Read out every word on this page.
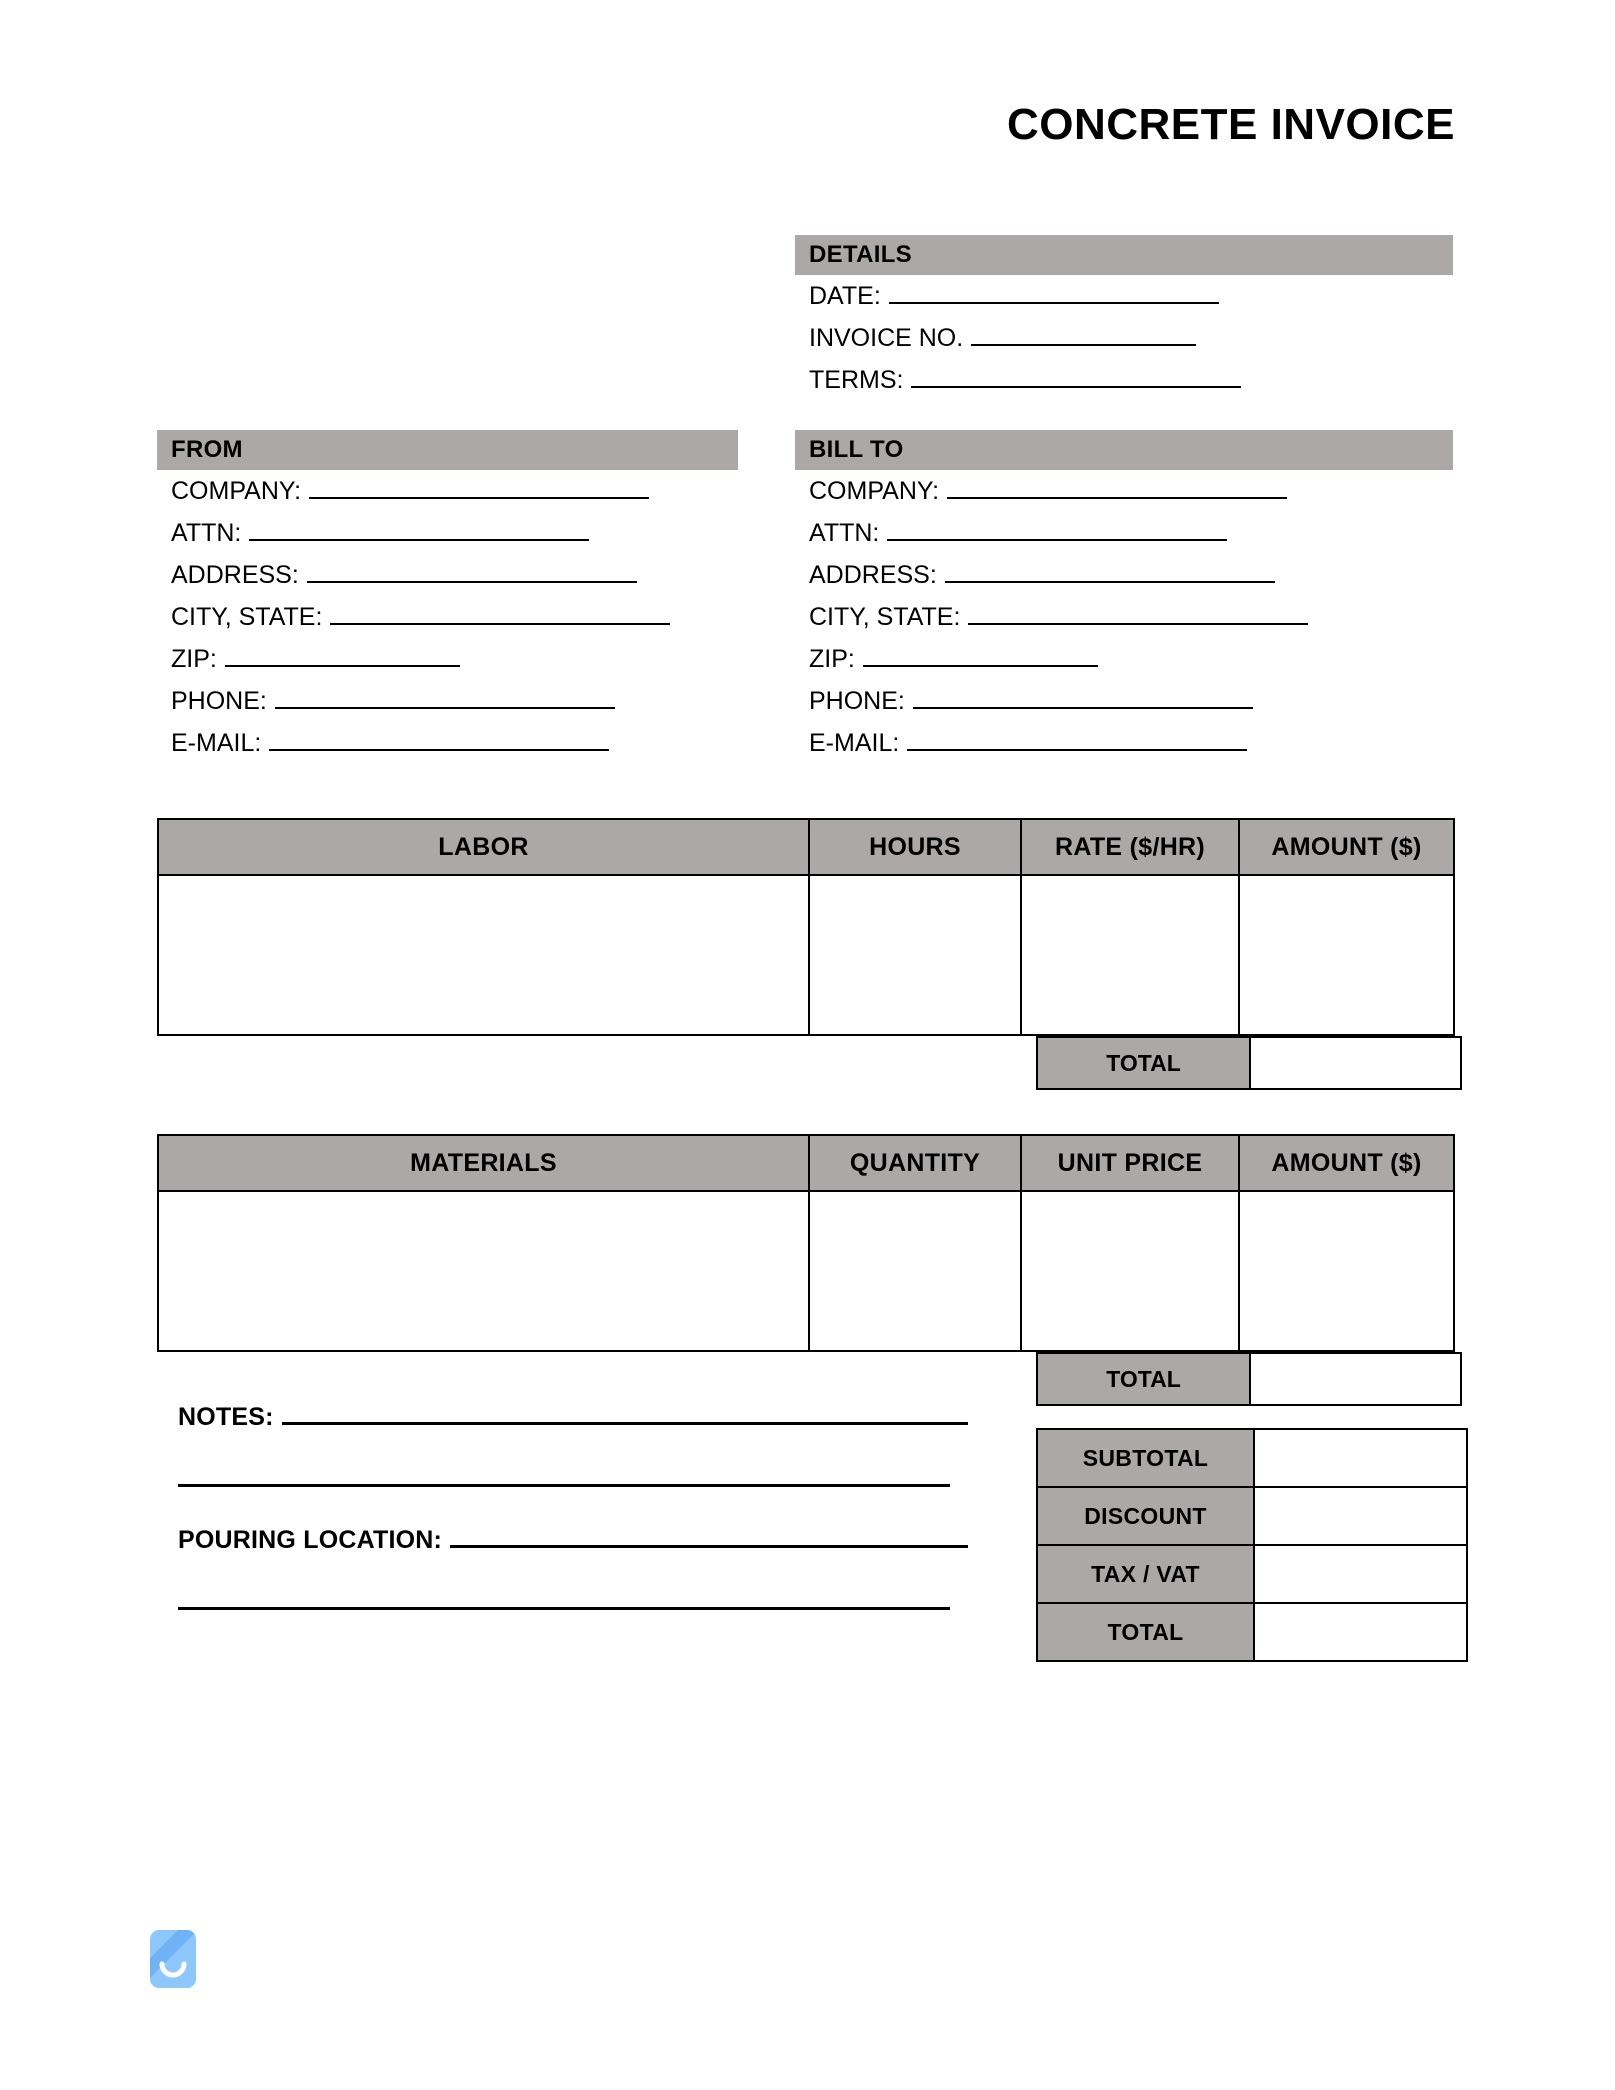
CONCRETE INVOICE
DETAILS
DATE:
INVOICE NO.
TERMS:
FROM
COMPANY:
ATTN:
ADDRESS:
CITY, STATE:
ZIP:
PHONE:
E-MAIL:
BILL TO
COMPANY:
ATTN:
ADDRESS:
CITY, STATE:
ZIP:
PHONE:
E-MAIL:
LABOR	HOURS	RATE ($/HR)	AMOUNT ($)

TOTAL
MATERIALS	QUANTITY	UNIT PRICE	AMOUNT ($)

TOTAL
NOTES:
POURING LOCATION:
SUBTOTAL	
DISCOUNT	
TAX / VAT	
TOTAL	
